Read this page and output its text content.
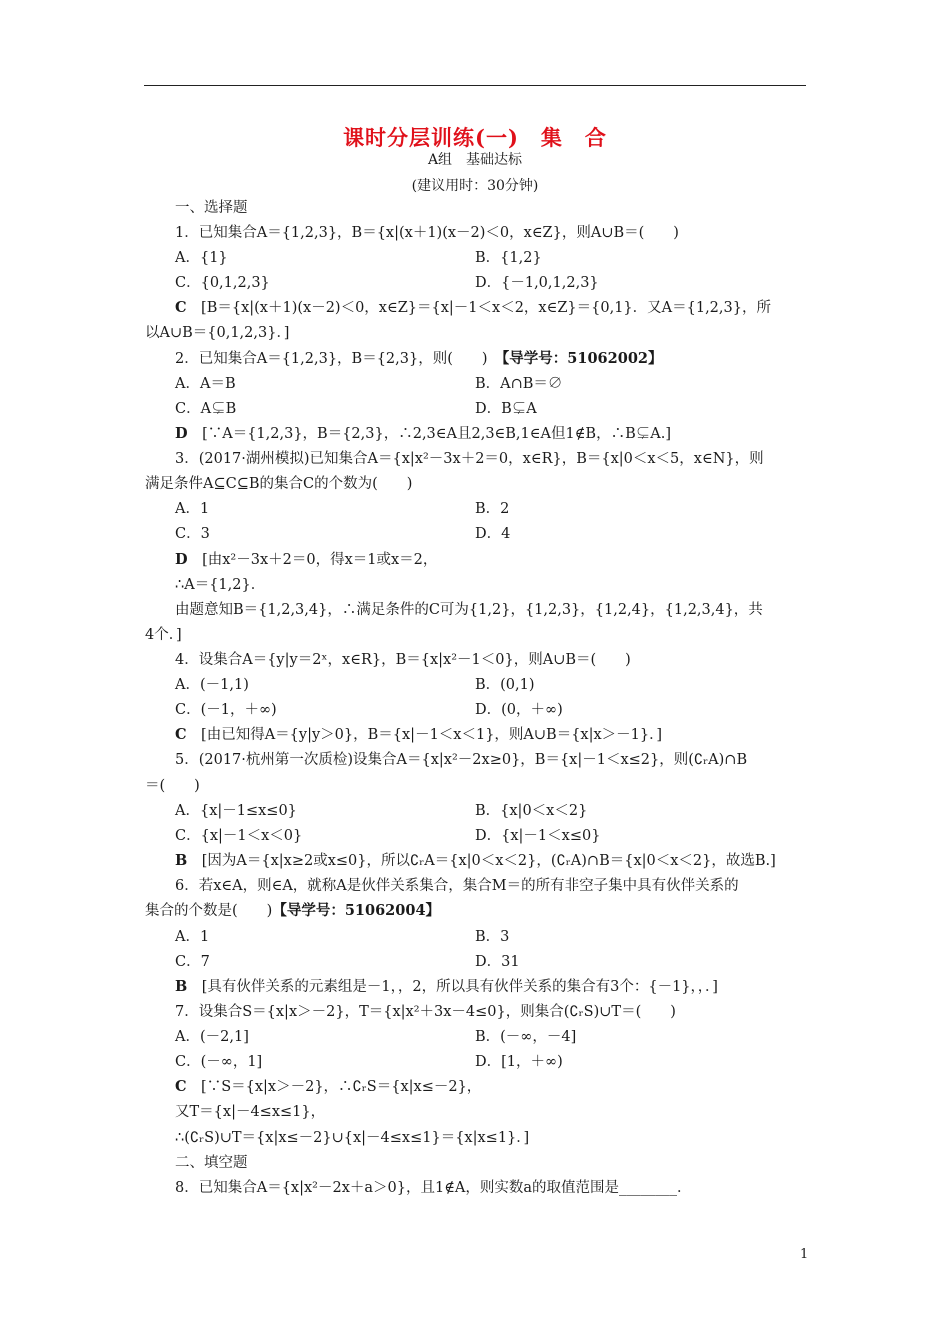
课时分层训练(一)　集　合
A组　基础达标
(建议用时：30分钟)
一、选择题
1．已知集合A＝{1,2,3}，B＝{x|(x＋1)(x－2)＜0，x∈Z}，则A∪B＝(　　)
A．{1}	B．{1,2}
C．{0,1,2,3}	D．{－1,0,1,2,3}
C　 [B＝{x|(x＋1)(x－2)＜0，x∈Z}＝{x|－1＜x＜2，x∈Z}＝{0,1}．又A＝{1,2,3}，所
以A∪B＝{0,1,2,3}．]
2．已知集合A＝{1,2,3}，B＝{2,3}，则(　　)　 【导学号：51062002】
A．A＝B	B．A∩B＝∅
C．A⊊B	D．B⊊A
D　 [∵A＝{1,2,3}，B＝{2,3}，∴2,3∈A且2,3∈B,1∈A但1∉B，∴B⊊A.]
3．(2017·湖州模拟)已知集合A＝{x|x²－3x＋2＝0，x∈R}，B＝{x|0＜x＜5，x∈N}，则
满足条件A⊆C⊆B的集合C的个数为(　　)
A．1	B．2
C．3	D．4
D　 [由x²－3x＋2＝0，得x＝1或x＝2，
∴A＝{1,2}．
由题意知B＝{1,2,3,4}，∴满足条件的C可为{1,2}，{1,2,3}，{1,2,4}，{1,2,3,4}，共
4个．]
4．设集合A＝{y|y＝2ˣ，x∈R}，B＝{x|x²－1＜0}，则A∪B＝(　　)
A．(－1,1)	B．(0,1)
C．(－1，＋∞)	D．(0，＋∞)
C　 [由已知得A＝{y|y＞0}，B＝{x|－1＜x＜1}，则A∪B＝{x|x＞－1}．]
5．(2017·杭州第一次质检)设集合A＝{x|x²－2x≥0}，B＝{x|－1＜x≤2}，则(∁ᵣA)∩B
＝(　　)
A．{x|－1≤x≤0}	B．{x|0＜x＜2}
C．{x|－1＜x＜0}	D．{x|－1＜x≤0}
B　 [因为A＝{x|x≥2或x≤0}，所以∁ᵣA＝{x|0＜x＜2}，(∁ᵣA)∩B＝{x|0＜x＜2}，故选B.]
6．若x∈A，则∈A，就称A是伙伴关系集合，集合M＝的所有非空子集中具有伙伴关系的
集合的个数是(　　)【导学号：51062004】
A．1	B．3
C．7	D．31
B　 [具有伙伴关系的元素组是－1，，2，所以具有伙伴关系的集合有3个：{－1}，，．]
7．设集合S＝{x|x＞－2}，T＝{x|x²＋3x－4≤0}，则集合(∁ᵣS)∪T＝(　　)
A．(－2,1]	B．(－∞，－4]
C．(－∞，1]	D．[1，＋∞)
C　 [∵S＝{x|x＞－2}，∴∁ᵣS＝{x|x≤－2}，
又T＝{x|－4≤x≤1}，
∴(∁ᵣS)∪T＝{x|x≤－2}∪{x|－4≤x≤1}＝{x|x≤1}．]
二、填空题
8．已知集合A＝{x|x²－2x＋a＞0}，且1∉A，则实数a的取值范围是________．
1
